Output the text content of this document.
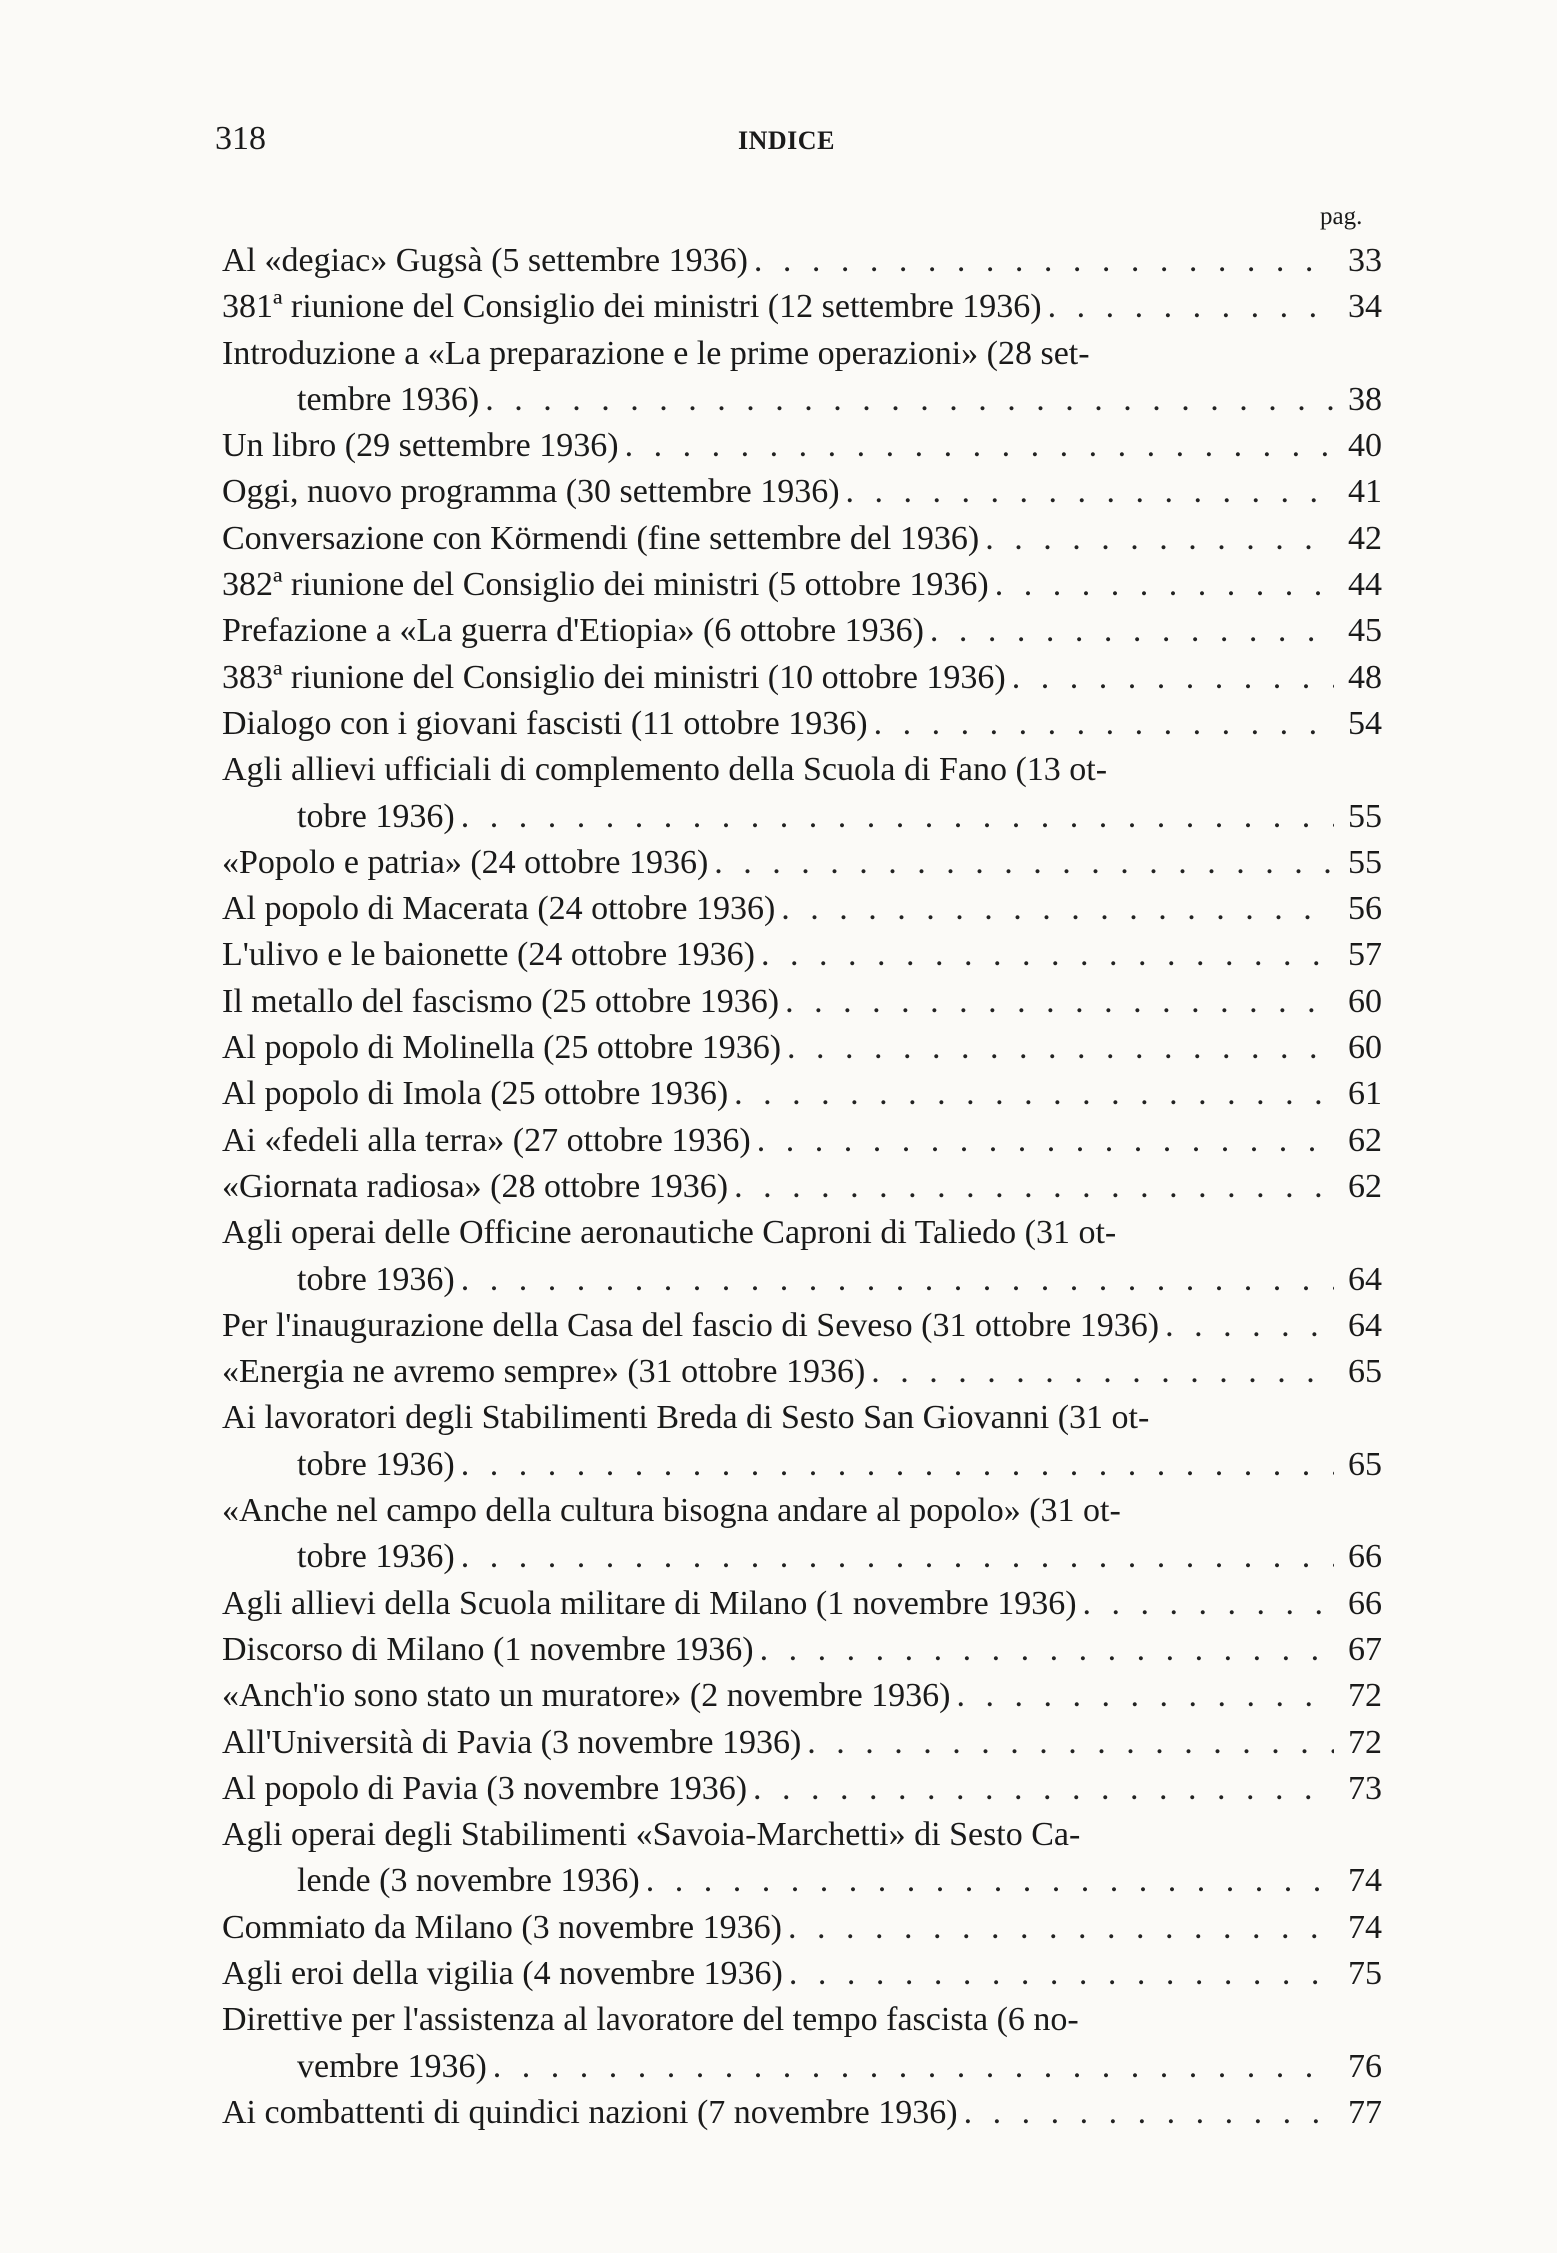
318	INDICE
pag.
Al «degiac» Gugsà (5 settembre 1936) . . .	33
381ª riunione del Consiglio dei ministri (12 settembre 1936) . . .	34
Introduzione a «La preparazione e le prime operazioni» (28 set-
tembre 1936) . . .	38
Un libro (29 settembre 1936) . . .	40
Oggi, nuovo programma (30 settembre 1936) . . .	41
Conversazione con Körmendi (fine settembre del 1936) . . .	42
382ª riunione del Consiglio dei ministri (5 ottobre 1936) . . .	44
Prefazione a «La guerra d'Etiopia» (6 ottobre 1936) . . .	45
383ª riunione del Consiglio dei ministri (10 ottobre 1936) . . .	48
Dialogo con i giovani fascisti (11 ottobre 1936) . . .	54
Agli allievi ufficiali di complemento della Scuola di Fano (13 ot-
tobre 1936) . . .	55
«Popolo e patria» (24 ottobre 1936) . . .	55
Al popolo di Macerata (24 ottobre 1936) . . .	56
L'ulivo e le baionette (24 ottobre 1936) . . .	57
Il metallo del fascismo (25 ottobre 1936) . . .	60
Al popolo di Molinella (25 ottobre 1936) . . .	60
Al popolo di Imola (25 ottobre 1936) . . .	61
Ai «fedeli alla terra» (27 ottobre 1936) . . .	62
«Giornata radiosa» (28 ottobre 1936) . . .	62
Agli operai delle Officine aeronautiche Caproni di Taliedo (31 ot-
tobre 1936) . . .	64
Per l'inaugurazione della Casa del fascio di Seveso (31 ottobre 1936) . . .	64
«Energia ne avremo sempre» (31 ottobre 1936) . . .	65
Ai lavoratori degli Stabilimenti Breda di Sesto San Giovanni (31 ot-
tobre 1936) . . .	65
«Anche nel campo della cultura bisogna andare al popolo» (31 ot-
tobre 1936) . . .	66
Agli allievi della Scuola militare di Milano (1 novembre 1936) . . .	66
Discorso di Milano (1 novembre 1936) . . .	67
«Anch'io sono stato un muratore» (2 novembre 1936) . . .	72
All'Università di Pavia (3 novembre 1936) . . .	72
Al popolo di Pavia (3 novembre 1936) . . .	73
Agli operai degli Stabilimenti «Savoia-Marchetti» di Sesto Ca-
lende (3 novembre 1936) . . .	74
Commiato da Milano (3 novembre 1936) . . .	74
Agli eroi della vigilia (4 novembre 1936) . . .	75
Direttive per l'assistenza al lavoratore del tempo fascista (6 no-
vembre 1936) . . .	76
Ai combattenti di quindici nazioni (7 novembre 1936) . . .	77
